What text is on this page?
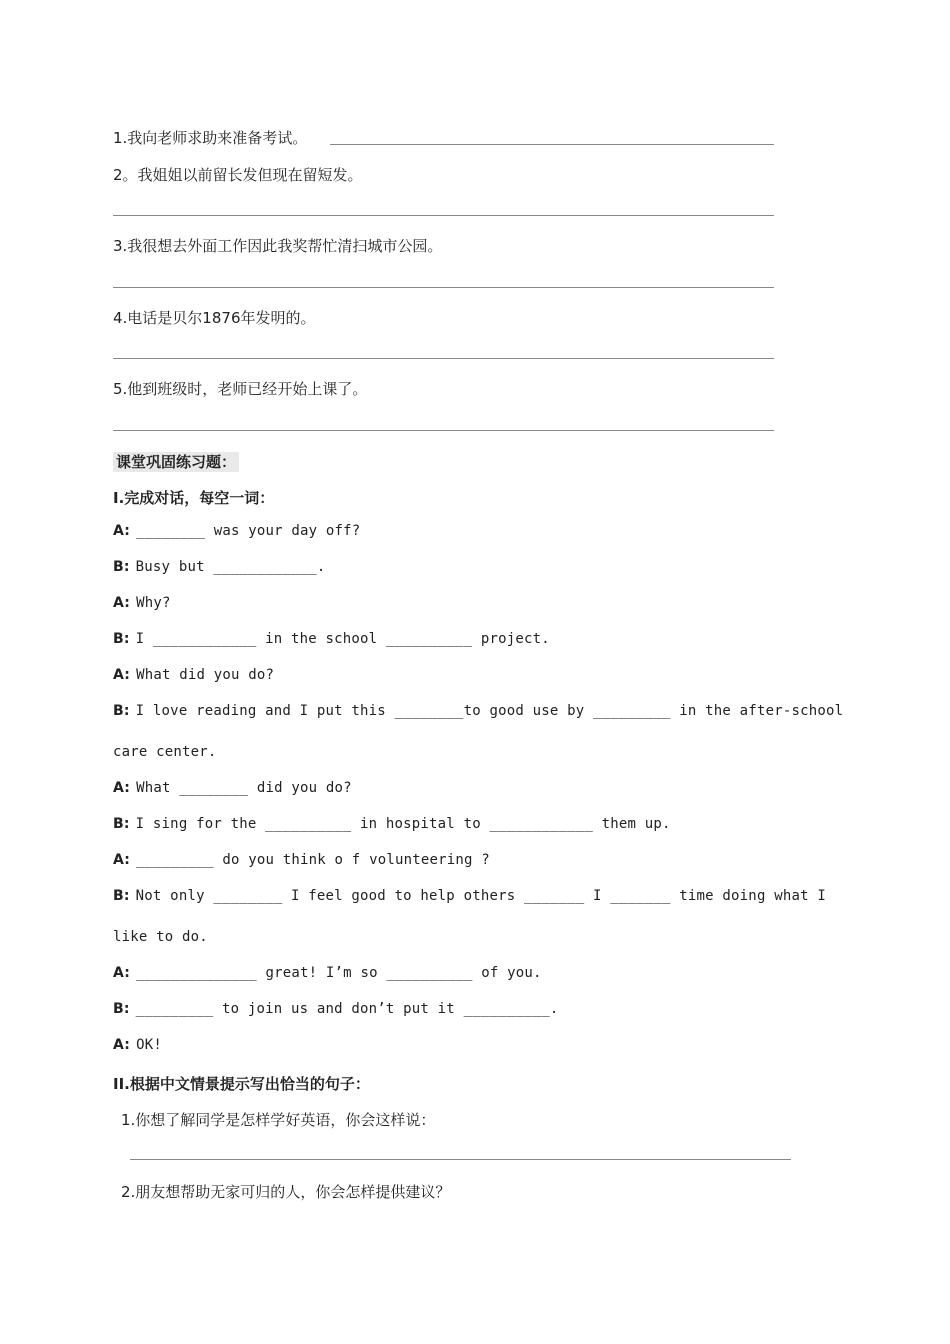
1.我向老师求助来准备考试。
2。我姐姐以前留长发但现在留短发。
3.我很想去外面工作因此我奖帮忙清扫城市公园。
4.电话是贝尔1876年发明的。
5.他到班级时，老师已经开始上课了。
课堂巩固练习题：
I.完成对话，每空一词：
A: ________ was your day off?
B: Busy but ____________.
A: Why?
B: I ____________ in the school __________ project.
A: What did you do?
B: I love reading and I put this ________to good use by _________ in the after-school
care center.
A: What ________ did you do?
B: I sing for the __________ in hospital to ____________ them up.
A: _________ do you think o f volunteering ?
B: Not only ________ I feel good to help others _______ I _______ time doing what I
like to do.
A: ______________ great! I’m so __________ of you.
B: _________ to join us and don’t put it __________.
A: OK!
II.根据中文情景提示写出恰当的句子：
1.你想了解同学是怎样学好英语，你会这样说：
2.朋友想帮助无家可归的人，你会怎样提供建议？
